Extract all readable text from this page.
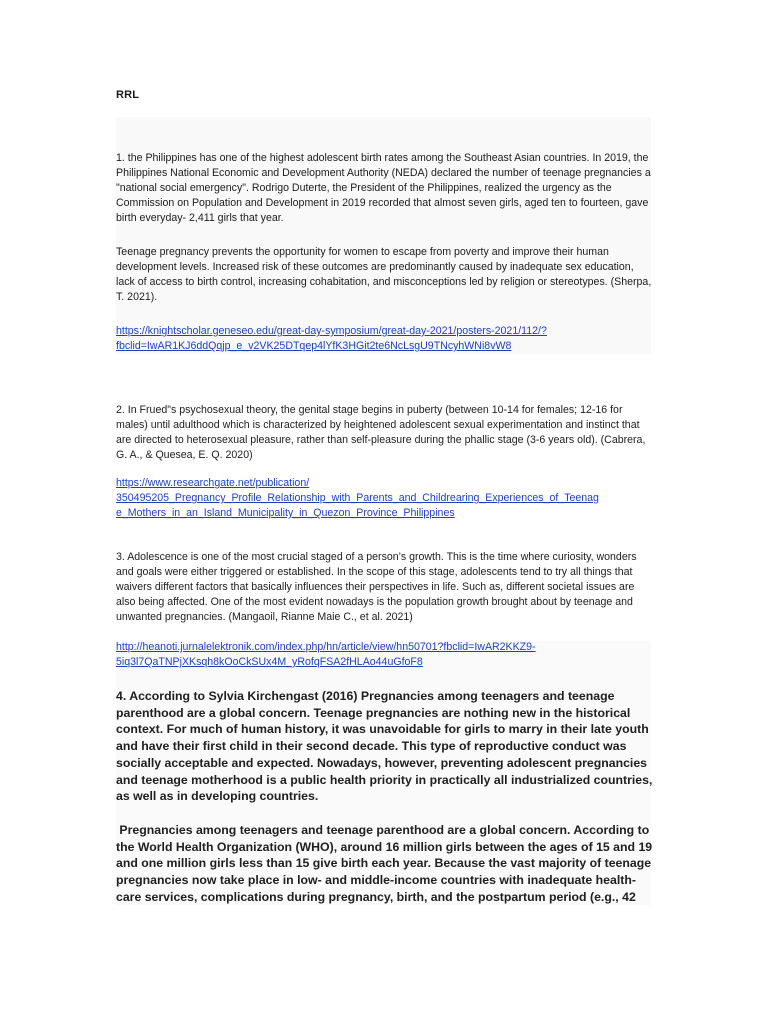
RRL

1. the Philippines has one of the highest adolescent birth rates among the Southeast Asian countries. In 2019, the Philippines National Economic and Development Authority (NEDA) declared the number of teenage pregnancies a "national social emergency". Rodrigo Duterte, the President of the Philippines, realized the urgency as the Commission on Population and Development in 2019 recorded that almost seven girls, aged ten to fourteen, gave birth everyday- 2,411 girls that year.

Teenage pregnancy prevents the opportunity for women to escape from poverty and improve their human development levels. Increased risk of these outcomes are predominantly caused by inadequate sex education, lack of access to birth control, increasing cohabitation, and misconceptions led by religion or stereotypes. (Sherpa, T. 2021).

https://knightscholar.geneseo.edu/great-day-symposium/great-day-2021/posters-2021/112/?
fbclid=IwAR1KJ6ddQqjp_e_v2VK25DTqep4lYfK3HGit2te6NcLsgU9TNcyhWNi8vW8

2. In Frued"s psychosexual theory, the genital stage begins in puberty (between 10-14 for females; 12-16 for males) until adulthood which is characterized by heightened adolescent sexual experimentation and instinct that are directed to heterosexual pleasure, rather than self-pleasure during the phallic stage (3-6 years old). (Cabrera, G. A., & Quesea, E. Q. 2020)

https://www.researchgate.net/publication/
350495205_Pregnancy_Profile_Relationship_with_Parents_and_Childrearing_Experiences_of_Teenag
e_Mothers_in_an_Island_Municipality_in_Quezon_Province_Philippines

3. Adolescence is one of the most crucial staged of a person’s growth. This is the time where curiosity, wonders and goals were either triggered or established. In the scope of this stage, adolescents tend to try all things that waivers different factors that basically influences their perspectives in life. Such as, different societal issues are also being affected. One of the most evident nowadays is the population growth brought about by teenage and unwanted pregnancies. (Mangaoil, Rianne Maie C., et al. 2021)

http://heanoti.jurnalelektronik.com/index.php/hn/article/view/hn50701?fbclid=IwAR2KKZ9-
5iq3l7QaTNPjXKsqh8kOoCkSUx4M_yRofqFSA2fHLAo44uGfoF8

4. According to Sylvia Kirchengast (2016) Pregnancies among teenagers and teenage parenthood are a global concern. Teenage pregnancies are nothing new in the historical context. For much of human history, it was unavoidable for girls to marry in their late youth and have their first child in their second decade. This type of reproductive conduct was socially acceptable and expected. Nowadays, however, preventing adolescent pregnancies and teenage motherhood is a public health priority in practically all industrialized countries, as well as in developing countries.

Pregnancies among teenagers and teenage parenthood are a global concern. According to the World Health Organization (WHO), around 16 million girls between the ages of 15 and 19 and one million girls less than 15 give birth each year. Because the vast majority of teenage pregnancies now take place in low- and middle-income countries with inadequate health-care services, complications during pregnancy, birth, and the postpartum period (e.g., 42
